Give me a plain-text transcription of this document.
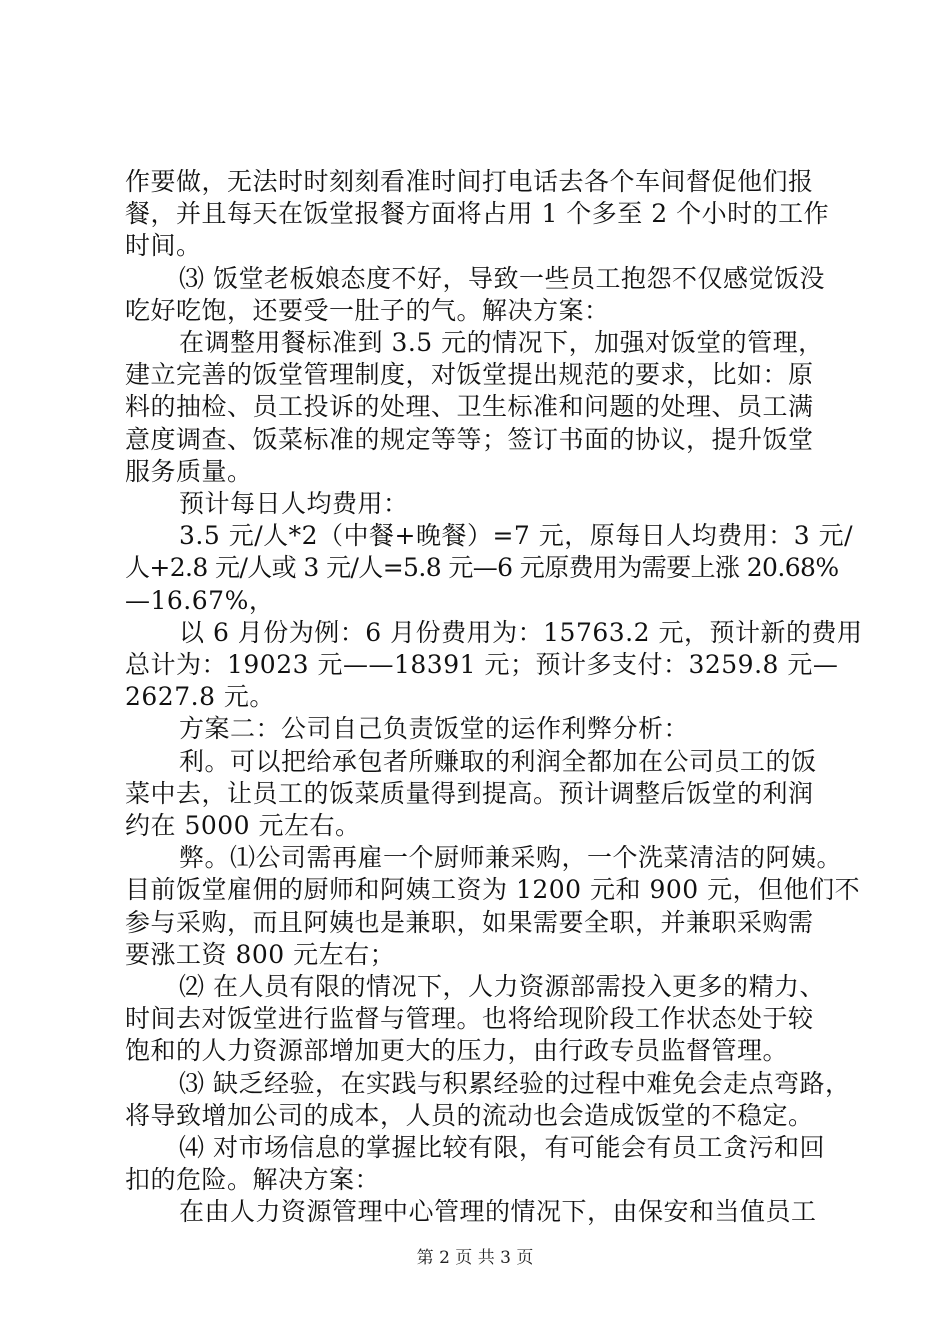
作要做，无法时时刻刻看准时间打电话去各个车间督促他们报
餐，并且每天在饭堂报餐方面将占用 1 个多至 2 个小时的工作
时间。
⑶ 饭堂老板娘态度不好，导致一些员工抱怨不仅感觉饭没
吃好吃饱，还要受一肚子的气。解决方案：
在调整用餐标准到 3.5 元的情况下，加强对饭堂的管理，
建立完善的饭堂管理制度，对饭堂提出规范的要求，比如：原
料的抽检、员工投诉的处理、卫生标准和问题的处理、员工满
意度调查、饭菜标准的规定等等；签订书面的协议，提升饭堂
服务质量。
预计每日人均费用：
3.5 元/人*2（中餐+晚餐）=7 元，原每日人均费用：3 元/
人+2.8 元/人或 3 元/人=5.8 元—6 元原费用为需要上涨 20.68%
—16.67%，
以 6 月份为例：6 月份费用为：15763.2 元，预计新的费用
总计为：19023 元——18391 元；预计多支付：3259.8 元—
2627.8 元。
方案二：公司自己负责饭堂的运作利弊分析：
利。可以把给承包者所赚取的利润全都加在公司员工的饭
菜中去，让员工的饭菜质量得到提高。预计调整后饭堂的利润
约在 5000 元左右。
弊。⑴公司需再雇一个厨师兼采购，一个洗菜清洁的阿姨。
目前饭堂雇佣的厨师和阿姨工资为 1200 元和 900 元，但他们不
参与采购，而且阿姨也是兼职，如果需要全职，并兼职采购需
要涨工资 800 元左右；
⑵ 在人员有限的情况下，人力资源部需投入更多的精力、
时间去对饭堂进行监督与管理。也将给现阶段工作状态处于较
饱和的人力资源部增加更大的压力，由行政专员监督管理。
⑶ 缺乏经验，在实践与积累经验的过程中难免会走点弯路，
将导致增加公司的成本，人员的流动也会造成饭堂的不稳定。
⑷ 对市场信息的掌握比较有限，有可能会有员工贪污和回
扣的危险。解决方案：
在由人力资源管理中心管理的情况下，由保安和当值员工
第 2 页 共 3 页
